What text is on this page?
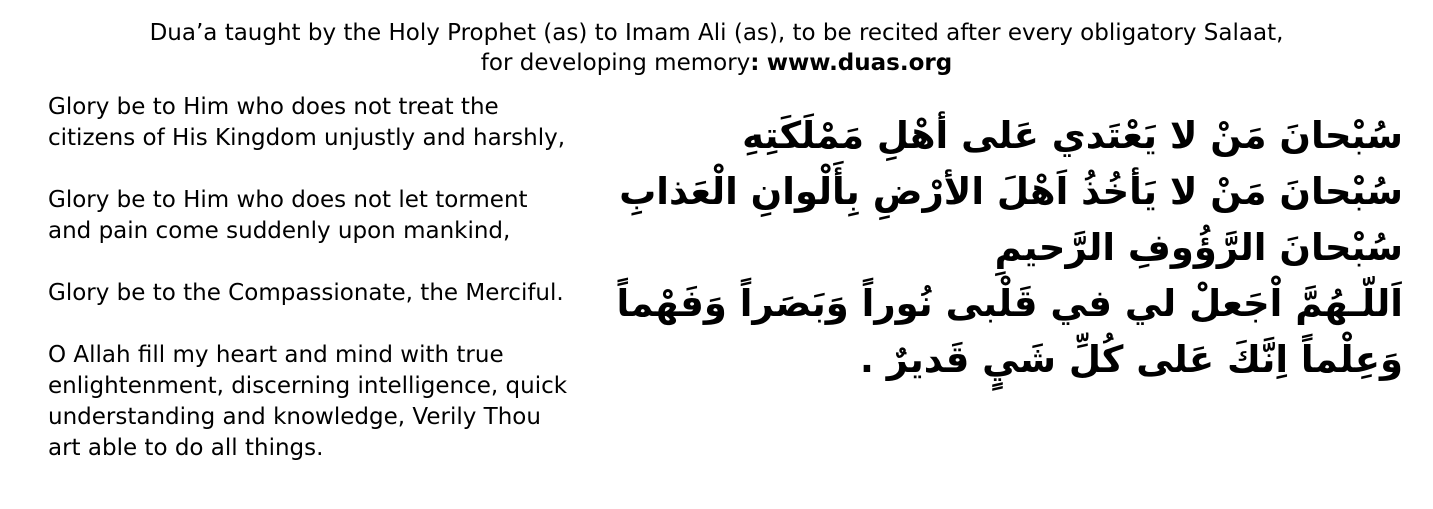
Dua’a taught by the Holy Prophet (as) to Imam Ali (as), to be recited after every obligatory Salaat,
for developing memory: www.duas.org
Glory be to Him who does not treat the
citizens of His Kingdom unjustly and harshly,
Glory be to Him who does not let torment
and pain come suddenly upon mankind,
Glory be to the Compassionate, the Merciful.
O Allah fill my heart and mind with true
enlightenment, discerning intelligence, quick
understanding and knowledge, Verily Thou
art able to do all things.
سُبْحانَ مَنْ لا يَعْتَدي عَلى أهْلِ مَمْلَكَتِهِ
سُبْحانَ مَنْ لا يَأخُذُ اَهْلَ الأرْضِ بِأَلْوانِ الْعَذابِ
سُبْحانَ الرَّؤُوفِ الرَّحيمِ
اَللّـهُمَّ اْجَعلْ لي في قَلْبى نُوراً وَبَصَراً وَفَهْماً
وَعِلْماً اِنَّكَ عَلى كُلِّ شَيٍ قَديرٌ .
